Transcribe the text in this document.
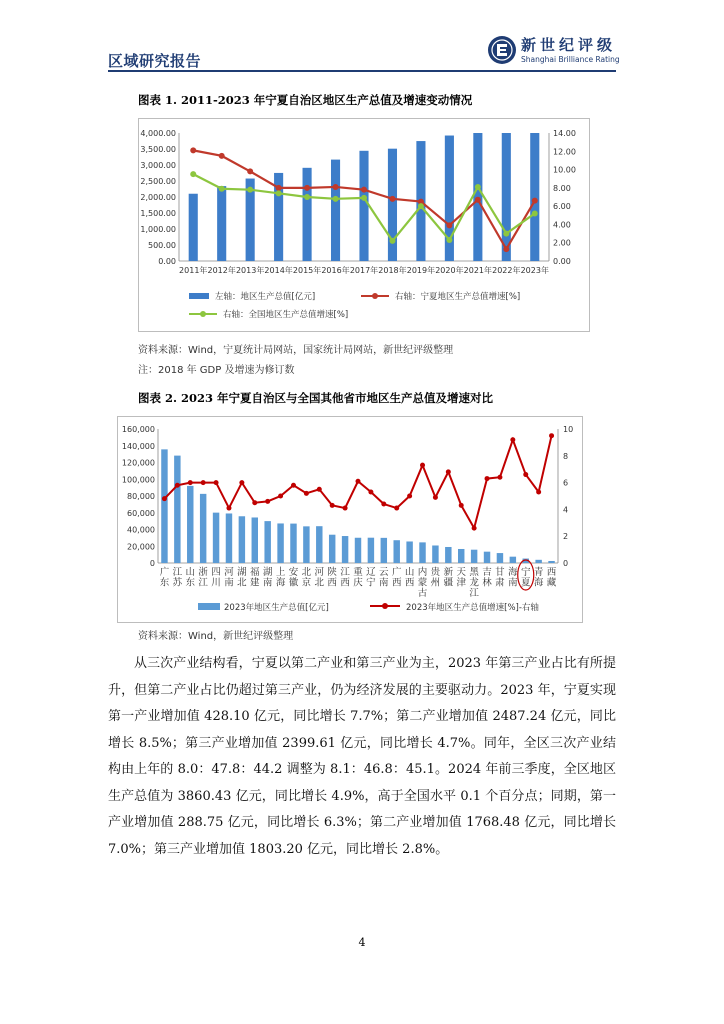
区域研究报告
新世纪评级
Shanghai Brilliance Rating
图表 1. 2011-2023 年宁夏自治区地区生产总值及增速变动情况
0.00
500.00
1,000.00
1,500.00
2,000.00
2,500.00
3,000.00
3,500.00
4,000.00
0.00
2.00
4.00
6.00
8.00
10.00
12.00
14.00
2011年 2012年 2013年 2014年 2015年 2016年 2017年 2018年 2019年 2020年 2021年 2022年 2023年
左轴：地区生产总值[亿元]	右轴：宁夏地区生产总值增速[%]
右轴：全国地区生产总值增速[%]
资料来源：Wind，宁夏统计局网站，国家统计局网站，新世纪评级整理
注：2018 年 GDP 及增速为修订数
图表 2. 2023 年宁夏自治区与全国其他省市地区生产总值及增速对比
0
20,000
40,000
60,000
80,000
100,000
120,000
140,000
160,000
0
2
4
6
8
10
广东
江苏
山东
浙江
四川
河南
湖北
福建
湖南
上海
安徽
北京
河北
陕西
江西
重庆
辽宁
云南
广西
山西
内蒙古
贵州
新疆
天津
黑龙江
吉林
甘肃
海南
宁夏
青海
西藏
2023年地区生产总值[亿元]	2023年地区生产总值增速[%]-右轴
资料来源：Wind，新世纪评级整理

从三次产业结构看，宁夏以第二产业和第三产业为主，2023 年第三产业占比有所提升，但第二产业占比仍超过第三产业，仍为经济发展的主要驱动力。2023 年，宁夏实现第一产业增加值 428.10 亿元，同比增长 7.7%；第二产业增加值 2487.24 亿元，同比增长 8.5%；第三产业增加值 2399.61 亿元，同比增长 4.7%。同年，全区三次产业结构由上年的 8.0：47.8：44.2 调整为 8.1：46.8：45.1。2024 年前三季度，全区地区生产总值为 3860.43 亿元，同比增长 4.9%，高于全国水平 0.1 个百分点；同期，第一产业增加值 288.75 亿元，同比增长 6.3%；第二产业增加值 1768.48 亿元，同比增长 7.0%；第三产业增加值 1803.20 亿元，同比增长 2.8%。

4
